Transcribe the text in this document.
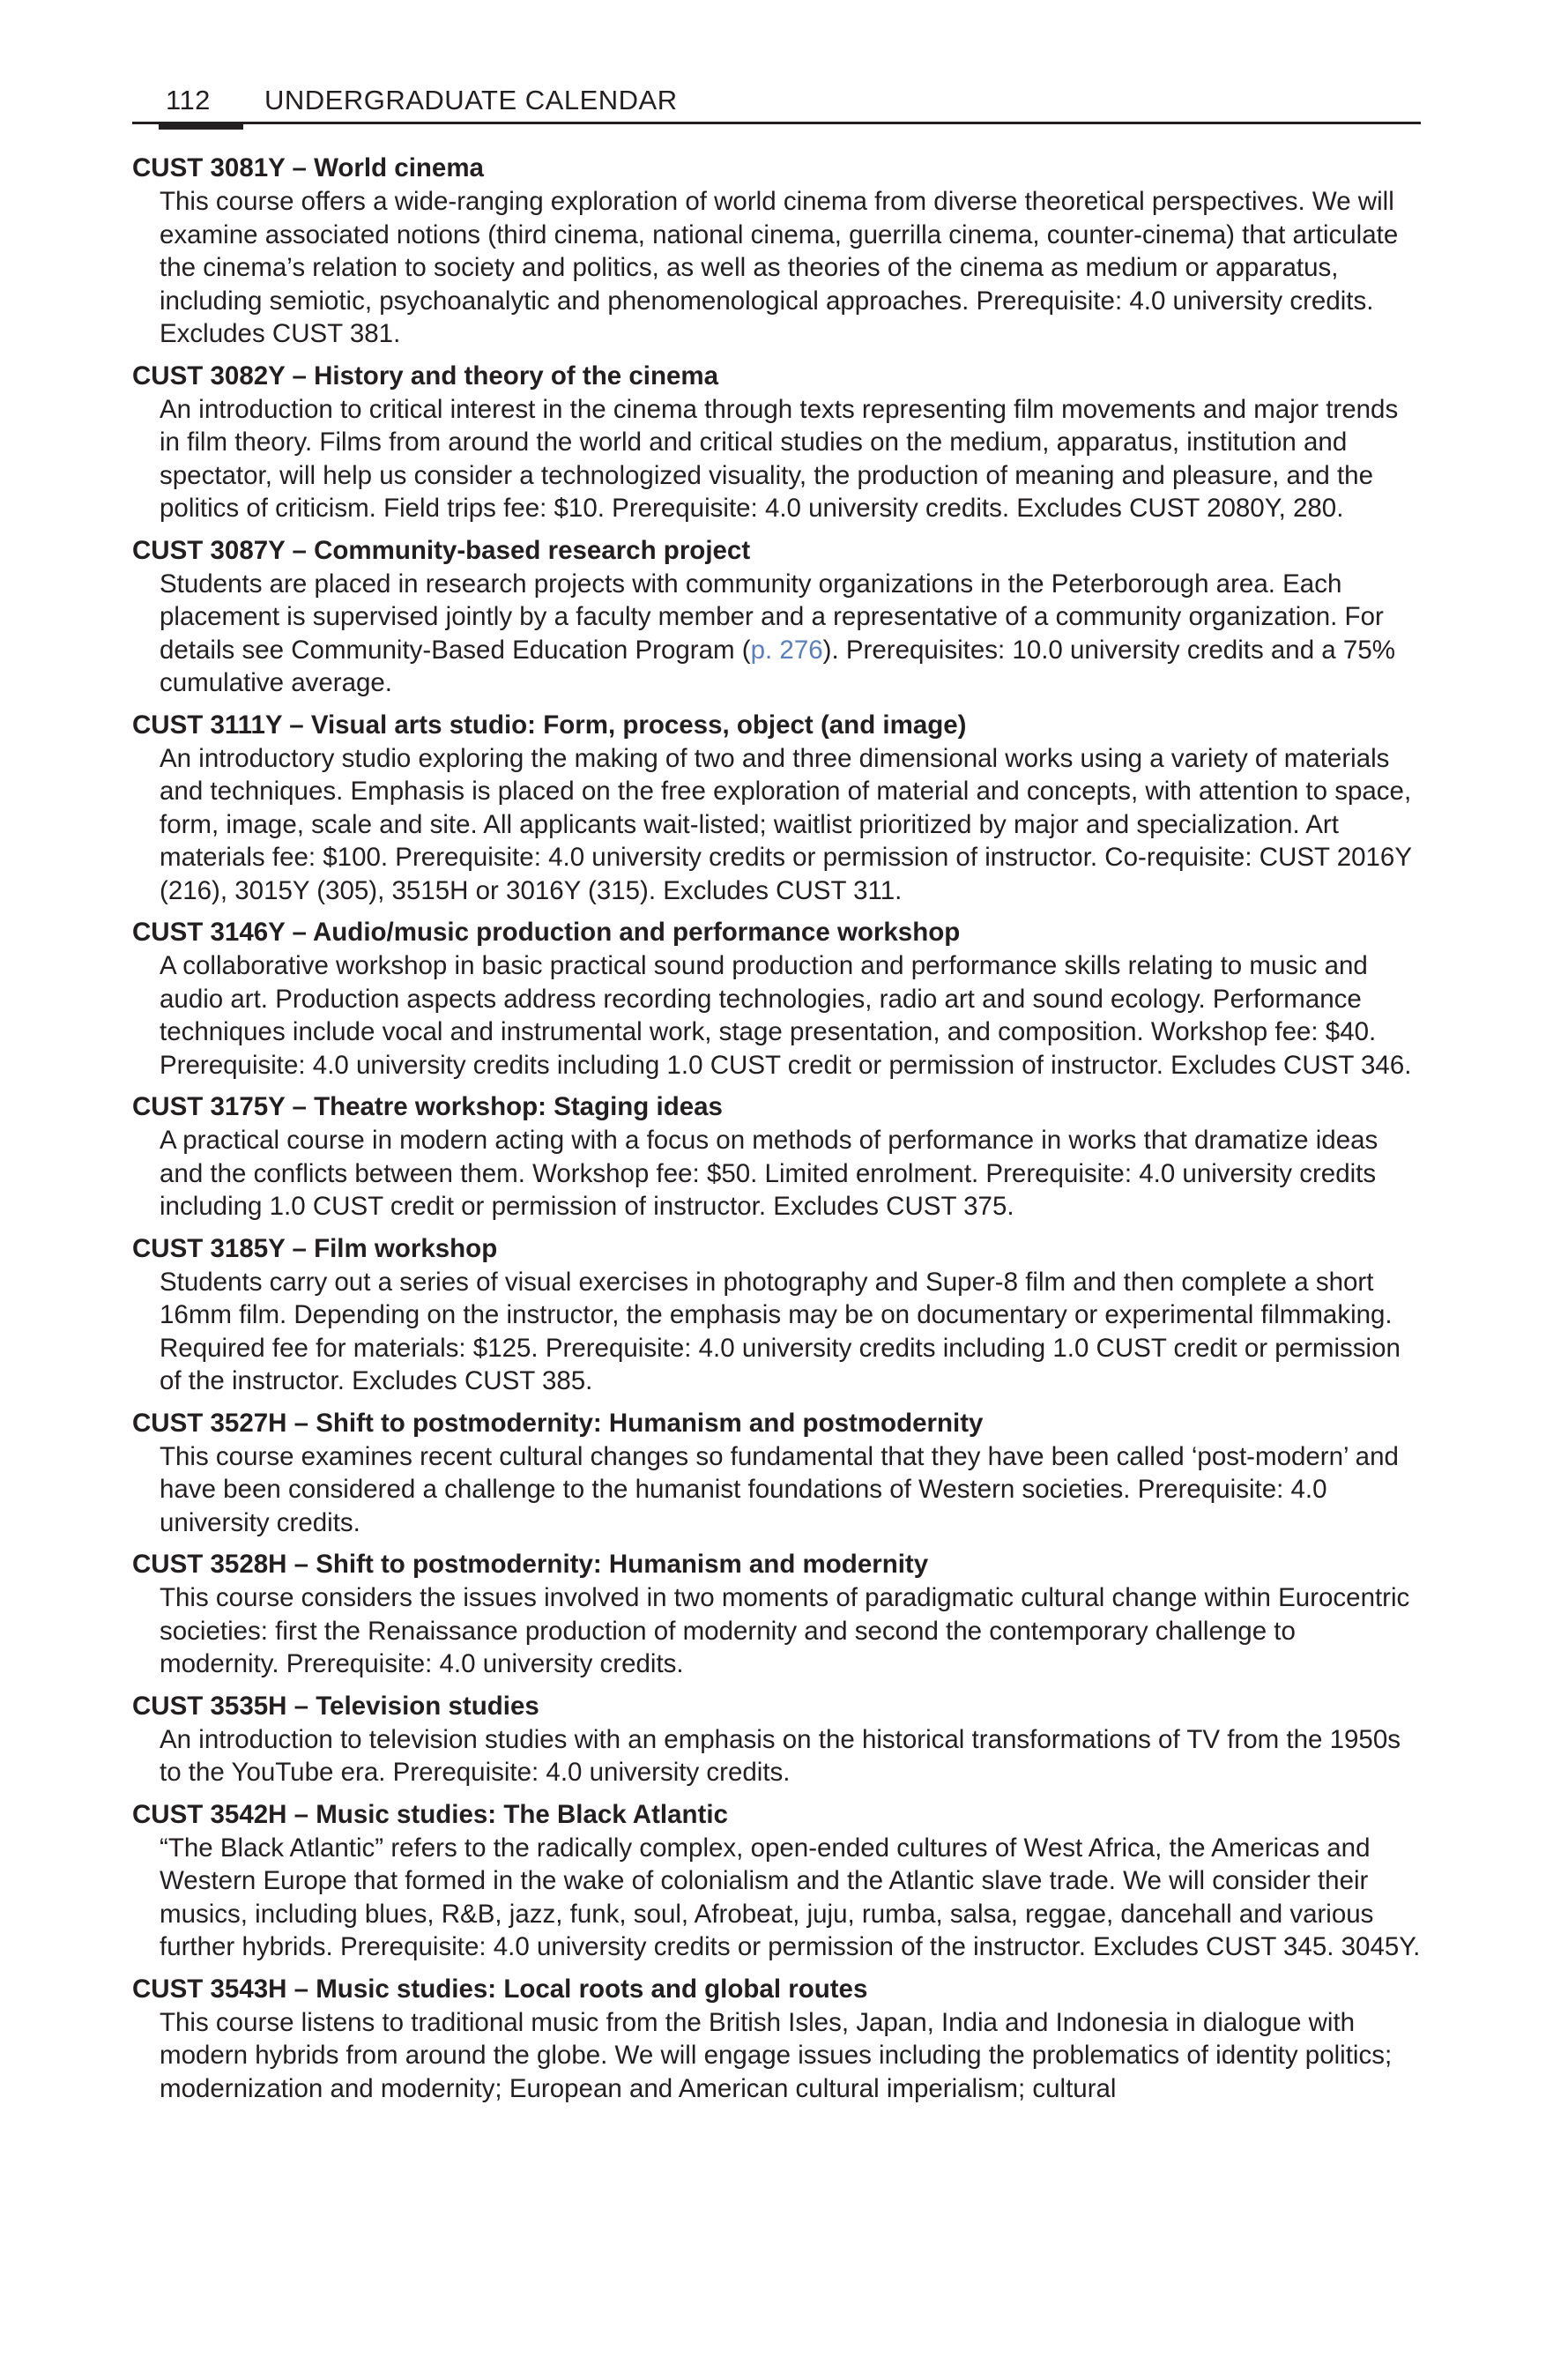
112 UNDERGRADUATE CALENDAR

CUST 3081Y – World cinema

This course offers a wide-ranging exploration of world cinema from diverse theoretical perspectives. We will examine associated notions (third cinema, national cinema, guerrilla cinema, counter-cinema) that articulate the cinema’s relation to society and politics, as well as theories of the cinema as medium or apparatus, including semiotic, psychoanalytic and phenomenological approaches. Prerequisite: 4.0 university credits. Excludes CUST 381.

CUST 3082Y – History and theory of the cinema

An introduction to critical interest in the cinema through texts representing film movements and major trends in film theory. Films from around the world and critical studies on the medium, apparatus, institution and spectator, will help us consider a technologized visuality, the production of meaning and pleasure, and the politics of criticism. Field trips fee: $10. Prerequisite: 4.0 university credits. Excludes CUST 2080Y, 280.

CUST 3087Y – Community-based research project

Students are placed in research projects with community organizations in the Peterborough area. Each placement is supervised jointly by a faculty member and a representative of a community organization. For details see Community-Based Education Program (p. 276). Prerequisites: 10.0 university credits and a 75% cumulative average.

CUST 3111Y – Visual arts studio: Form, process, object (and image)

An introductory studio exploring the making of two and three dimensional works using a variety of materials and techniques. Emphasis is placed on the free exploration of material and concepts, with attention to space, form, image, scale and site. All applicants wait-listed; waitlist prioritized by major and specialization. Art materials fee: $100. Prerequisite: 4.0 university credits or permission of instructor. Co-requisite: CUST 2016Y (216), 3015Y (305), 3515H or 3016Y (315). Excludes CUST 311.

CUST 3146Y – Audio/music production and performance workshop

A collaborative workshop in basic practical sound production and performance skills relating to music and audio art. Production aspects address recording technologies, radio art and sound ecology. Performance techniques include vocal and instrumental work, stage presentation, and composition. Workshop fee: $40. Prerequisite: 4.0 university credits including 1.0 CUST credit or permission of instructor. Excludes CUST 346.

CUST 3175Y – Theatre workshop: Staging ideas

A practical course in modern acting with a focus on methods of performance in works that dramatize ideas and the conflicts between them. Workshop fee: $50. Limited enrolment. Prerequisite: 4.0 university credits including 1.0 CUST credit or permission of instructor. Excludes CUST 375.

CUST 3185Y – Film workshop

Students carry out a series of visual exercises in photography and Super-8 film and then complete a short 16mm film. Depending on the instructor, the emphasis may be on documentary or experimental filmmaking. Required fee for materials: $125. Prerequisite: 4.0 university credits including 1.0 CUST credit or permission of the instructor. Excludes CUST 385.

CUST 3527H – Shift to postmodernity: Humanism and postmodernity

This course examines recent cultural changes so fundamental that they have been called ‘post-modern’ and have been considered a challenge to the humanist foundations of Western societies. Prerequisite: 4.0 university credits.

CUST 3528H – Shift to postmodernity: Humanism and modernity

This course considers the issues involved in two moments of paradigmatic cultural change within Eurocentric societies: first the Renaissance production of modernity and second the contemporary challenge to modernity. Prerequisite: 4.0 university credits.

CUST 3535H – Television studies

An introduction to television studies with an emphasis on the historical transformations of TV from the 1950s to the YouTube era. Prerequisite: 4.0 university credits.

CUST 3542H – Music studies: The Black Atlantic

“The Black Atlantic” refers to the radically complex, open-ended cultures of West Africa, the Americas and Western Europe that formed in the wake of colonialism and the Atlantic slave trade. We will consider their musics, including blues, R&B, jazz, funk, soul, Afrobeat, juju, rumba, salsa, reggae, dancehall and various further hybrids. Prerequisite: 4.0 university credits or permission of the instructor. Excludes CUST 345. 3045Y.

CUST 3543H – Music studies: Local roots and global routes

This course listens to traditional music from the British Isles, Japan, India and Indonesia in dialogue with modern hybrids from around the globe. We will engage issues including the problematics of identity politics; modernization and modernity; European and American cultural imperialism; cultural
